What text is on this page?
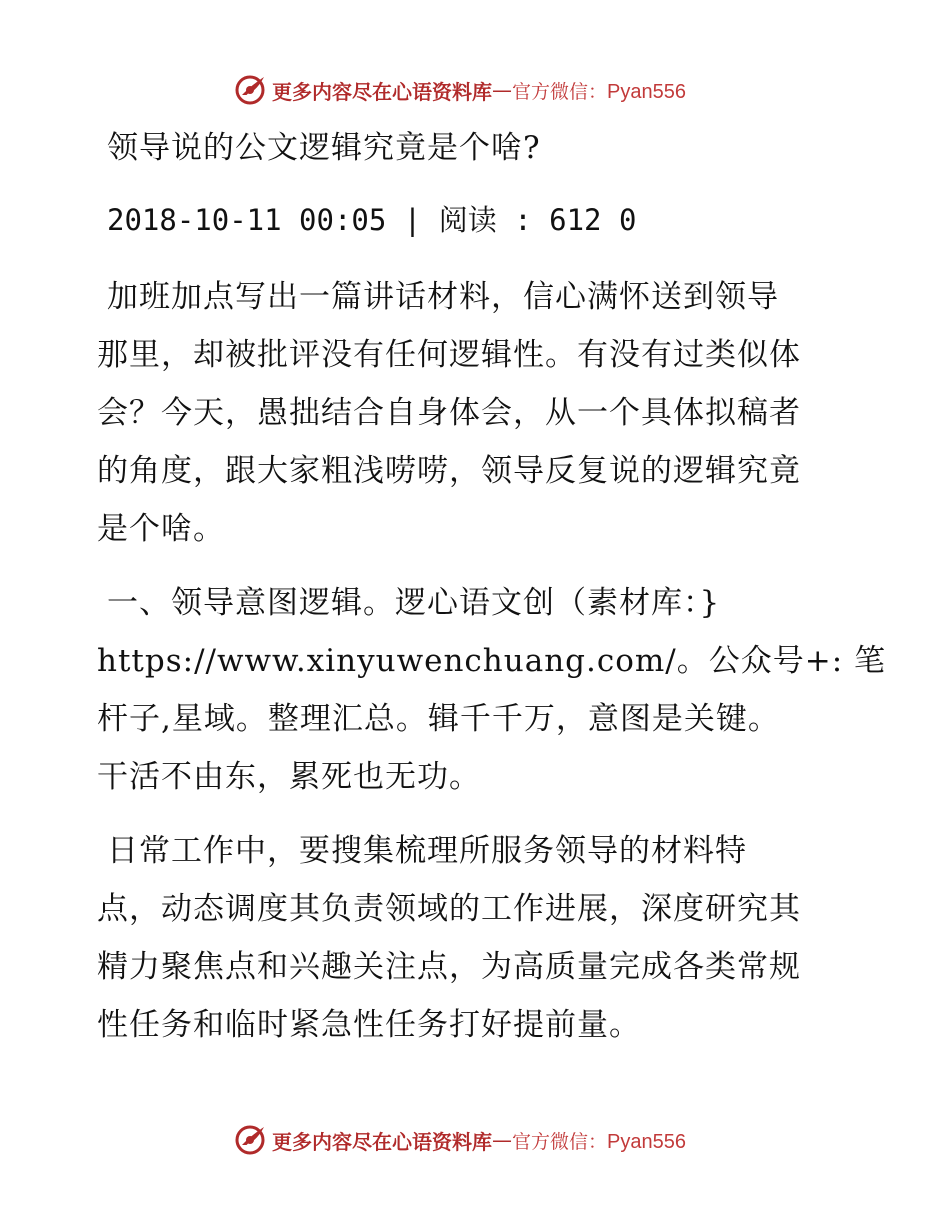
更多内容尽在心语资料库 — 官方微信：Pyan556
领导说的公文逻辑究竟是个啥?
2018-10-11 00:05 | 阅读 : 612 0

加班加点写出一篇讲话材料，信心满怀送到领导
那里，却被批评没有任何逻辑性。有没有过类似体
会？今天，愚拙结合自身体会，从一个具体拟稿者
的角度，跟大家粗浅唠唠，领导反复说的逻辑究竟
是个啥。

一、领导意图逻辑。逻心语文创（素材库：}
https://www.xinyuwenchuang.com/。公众号+: 笔
杆子,星域。整理汇总。辑千千万，意图是关键。
干活不由东，累死也无功。

日常工作中，要搜集梳理所服务领导的材料特
点，动态调度其负责领域的工作进展，深度研究其
精力聚焦点和兴趣关注点，为高质量完成各类常规
性任务和临时紧急性任务打好提前量。

更多内容尽在心语资料库 — 官方微信：Pyan556
